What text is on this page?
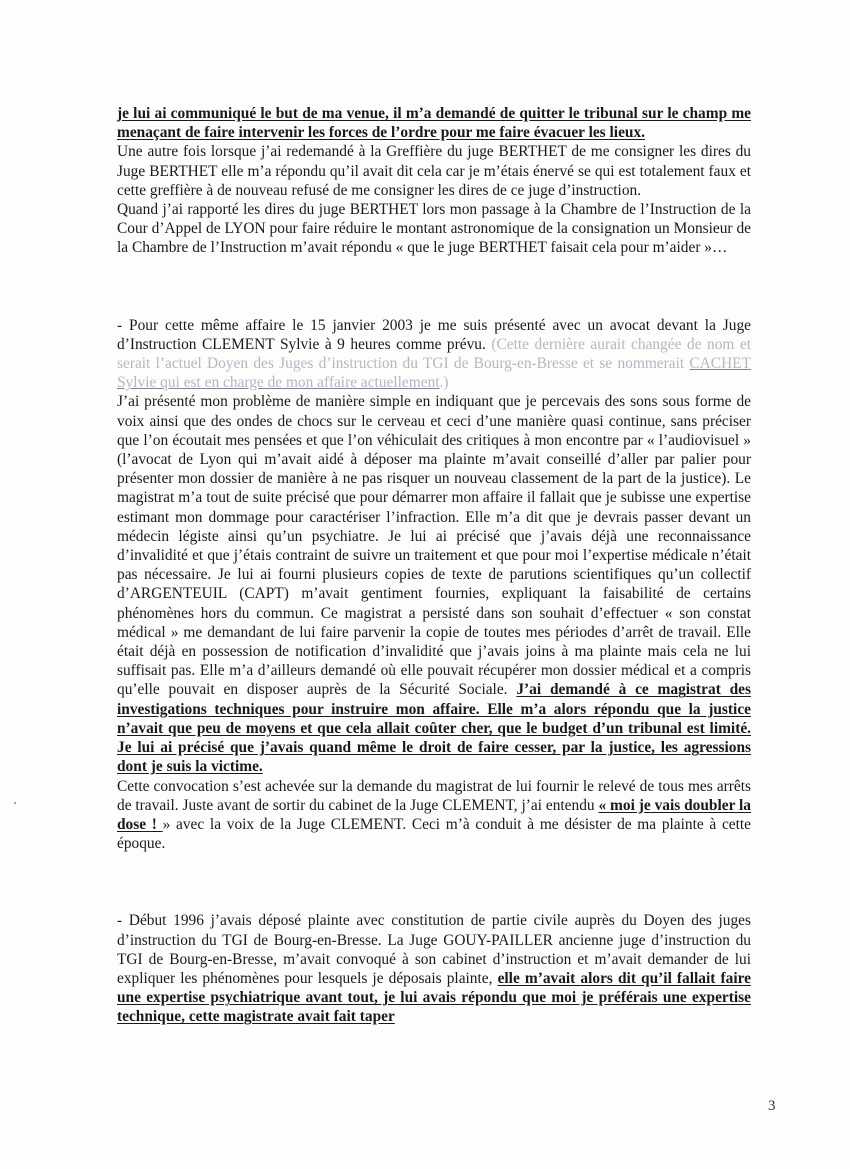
je lui ai communiqué le but de ma venue, il m’a demandé de quitter le tribunal sur le champ me menaçant de faire intervenir les forces de l’ordre pour me faire évacuer les lieux.

Une autre fois lorsque j’ai redemandé à la Greffière du juge BERTHET de me consigner les dires du Juge BERTHET elle m’a répondu qu’il avait dit cela car je m’étais énervé se qui est totalement faux et cette greffière à de nouveau refusé de me consigner les dires de ce juge d’instruction.

Quand j’ai rapporté les dires du juge BERTHET lors mon passage à la Chambre de l’Instruction de la Cour d’Appel de LYON pour faire réduire le montant astronomique de la consignation un Monsieur de la Chambre de l’Instruction m’avait répondu « que le juge BERTHET faisait cela pour m’aider »…

- Pour cette même affaire le 15 janvier 2003 je me suis présenté avec un avocat devant la Juge d’Instruction CLEMENT Sylvie à 9 heures comme prévu. (Cette dernière aurait changée de nom et serait l’actuel Doyen des Juges d’instruction du TGI de Bourg-en-Bresse et se nommerait CACHET Sylvie qui est en charge de mon affaire actuellement.)

J’ai présenté mon problème de manière simple en indiquant que je percevais des sons sous forme de voix ainsi que des ondes de chocs sur le cerveau et ceci d’une manière quasi continue, sans préciser que l’on écoutait mes pensées et que l’on véhiculait des critiques à mon encontre par « l’audiovisuel » (l’avocat de Lyon qui m’avait aidé à déposer ma plainte m’avait conseillé d’aller par palier pour présenter mon dossier de manière à ne pas risquer un nouveau classement de la part de la justice). Le magistrat m’a tout de suite précisé que pour démarrer mon affaire il fallait que je subisse une expertise estimant mon dommage pour caractériser l’infraction. Elle m’a dit que je devrais passer devant un médecin légiste ainsi qu’un psychiatre. Je lui ai précisé que j’avais déjà une reconnaissance d’invalidité et que j’étais contraint de suivre un traitement et que pour moi l’expertise médicale n’était pas nécessaire. Je lui ai fourni plusieurs copies de texte de parutions scientifiques qu’un collectif d’ARGENTEUIL (CAPT) m’avait gentiment fournies, expliquant la faisabilité de certains phénomènes hors du commun. Ce magistrat a persisté dans son souhait d’effectuer « son constat médical » me demandant de lui faire parvenir la copie de toutes mes périodes d’arrêt de travail. Elle était déjà en possession de notification d’invalidité que j’avais joins à ma plainte mais cela ne lui suffisait pas. Elle m’a d’ailleurs demandé où elle pouvait récupérer mon dossier médical et a compris qu’elle pouvait en disposer auprès de la Sécurité Sociale. J’ai demandé à ce magistrat des investigations techniques pour instruire mon affaire. Elle m’a alors répondu que la justice n’avait que peu de moyens et que cela allait coûter cher, que le budget d’un tribunal est limité. Je lui ai précisé que j’avais quand même le droit de faire cesser, par la justice, les agressions dont je suis la victime.

Cette convocation s’est achevée sur la demande du magistrat de lui fournir le relevé de tous mes arrêts de travail. Juste avant de sortir du cabinet de la Juge CLEMENT, j’ai entendu « moi je vais doubler la dose ! » avec la voix de la Juge CLEMENT. Ceci m’à conduit à me désister de ma plainte à cette époque.

- Début 1996 j’avais déposé plainte avec constitution de partie civile auprès du Doyen des juges d’instruction du TGI de Bourg-en-Bresse. La Juge GOUY-PAILLER ancienne juge d’instruction du TGI de Bourg-en-Bresse, m’avait convoqué à son cabinet d’instruction et m’avait demander de lui expliquer les phénomènes pour lesquels je déposais plainte, elle m’avait alors dit qu’il fallait faire une expertise psychiatrique avant tout, je lui avais répondu que moi je préférais une expertise technique, cette magistrate avait fait taper

3
